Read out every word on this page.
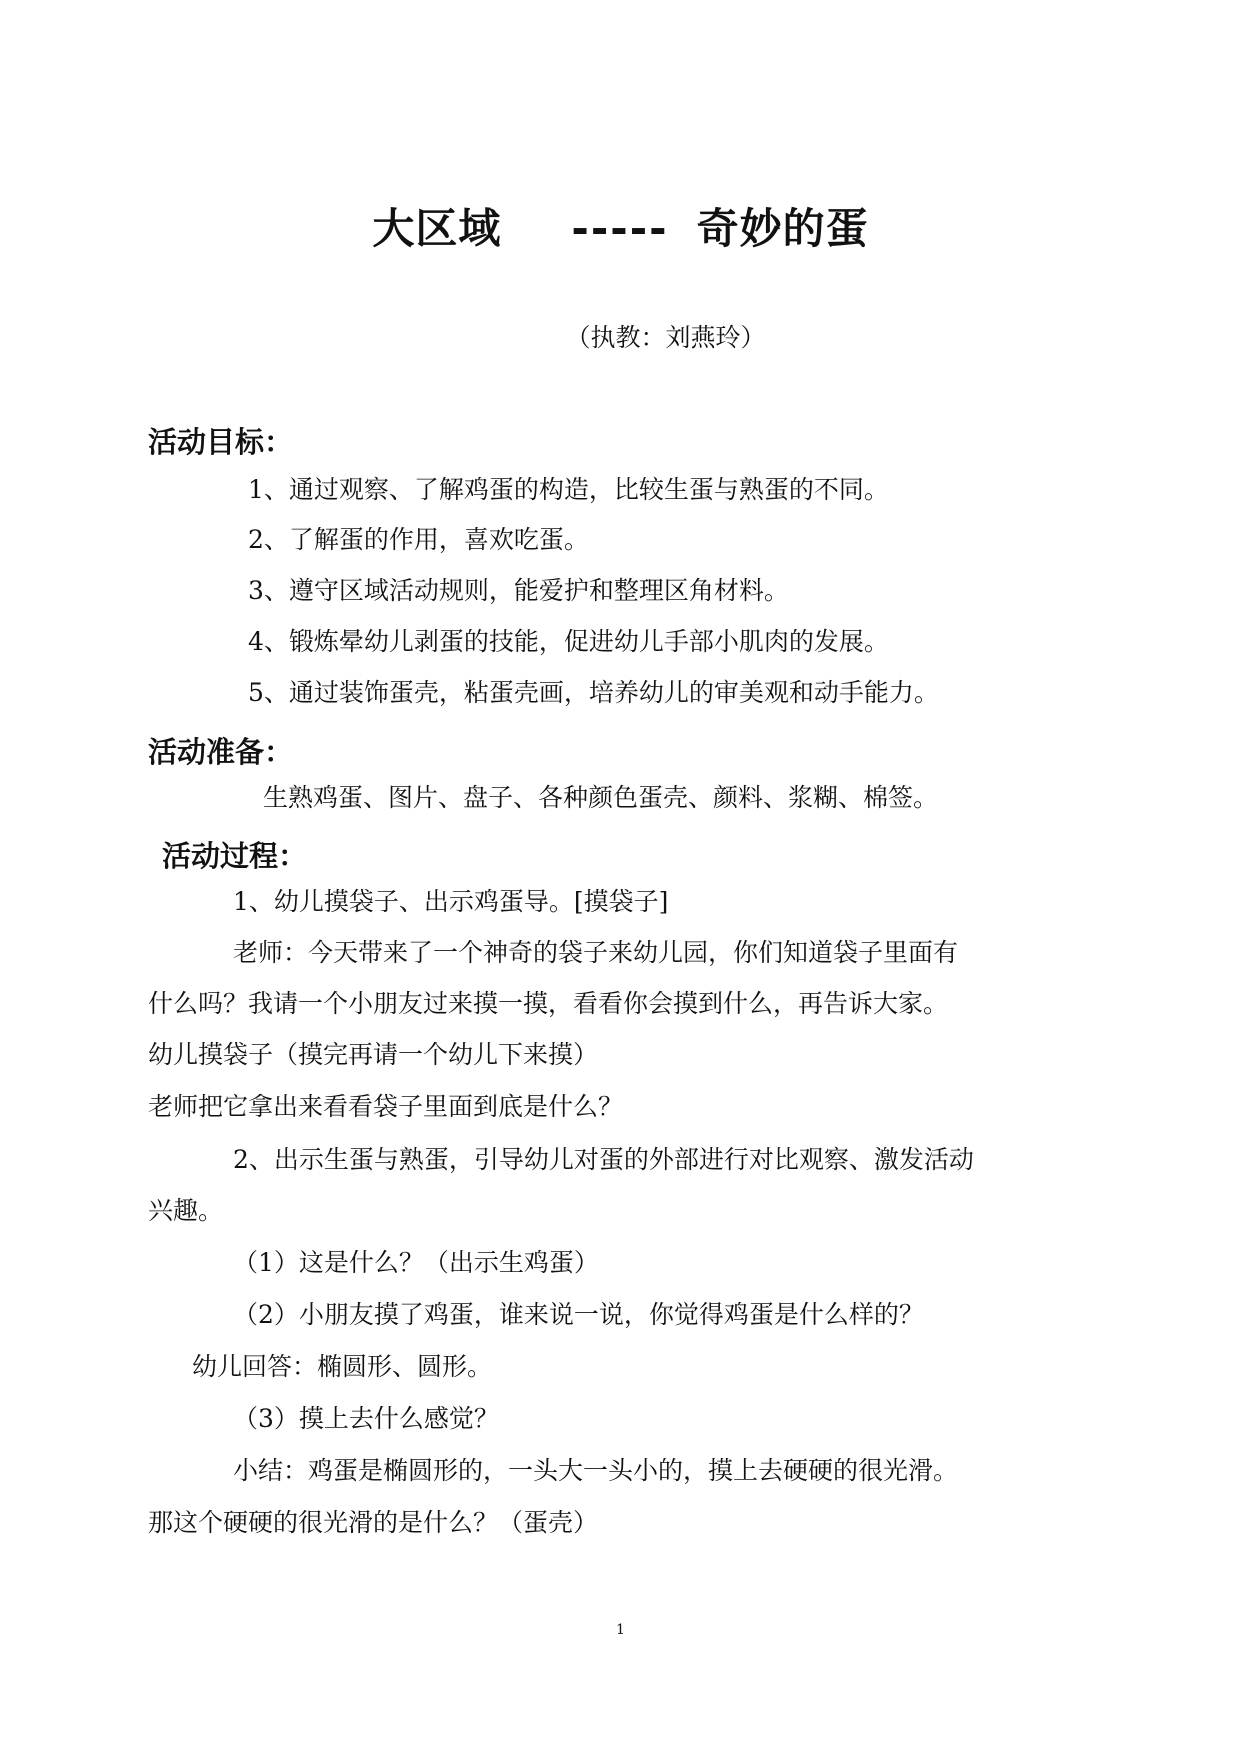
大区域 ----- 奇妙的蛋
（执教：刘燕玲）
活动目标：
1、通过观察、了解鸡蛋的构造，比较生蛋与熟蛋的不同。
2、了解蛋的作用，喜欢吃蛋。
3、遵守区域活动规则，能爱护和整理区角材料。
4、锻炼晕幼儿剥蛋的技能，促进幼儿手部小肌肉的发展。
5、通过装饰蛋壳，粘蛋壳画，培养幼儿的审美观和动手能力。
活动准备：
生熟鸡蛋、图片、盘子、各种颜色蛋壳、颜料、浆糊、棉签。
活动过程：
1、幼儿摸袋子、出示鸡蛋导。[摸袋子]
老师：今天带来了一个神奇的袋子来幼儿园，你们知道袋子里面有
什么吗？我请一个小朋友过来摸一摸，看看你会摸到什么，再告诉大家。
幼儿摸袋子（摸完再请一个幼儿下来摸）
老师把它拿出来看看袋子里面到底是什么？
2、出示生蛋与熟蛋，引导幼儿对蛋的外部进行对比观察、激发活动
兴趣。
（1）这是什么？（出示生鸡蛋）
（2）小朋友摸了鸡蛋，谁来说一说，你觉得鸡蛋是什么样的？
幼儿回答：椭圆形、圆形。
（3）摸上去什么感觉？
小结：鸡蛋是椭圆形的，一头大一头小的，摸上去硬硬的很光滑。
那这个硬硬的很光滑的是什么？（蛋壳）
1
